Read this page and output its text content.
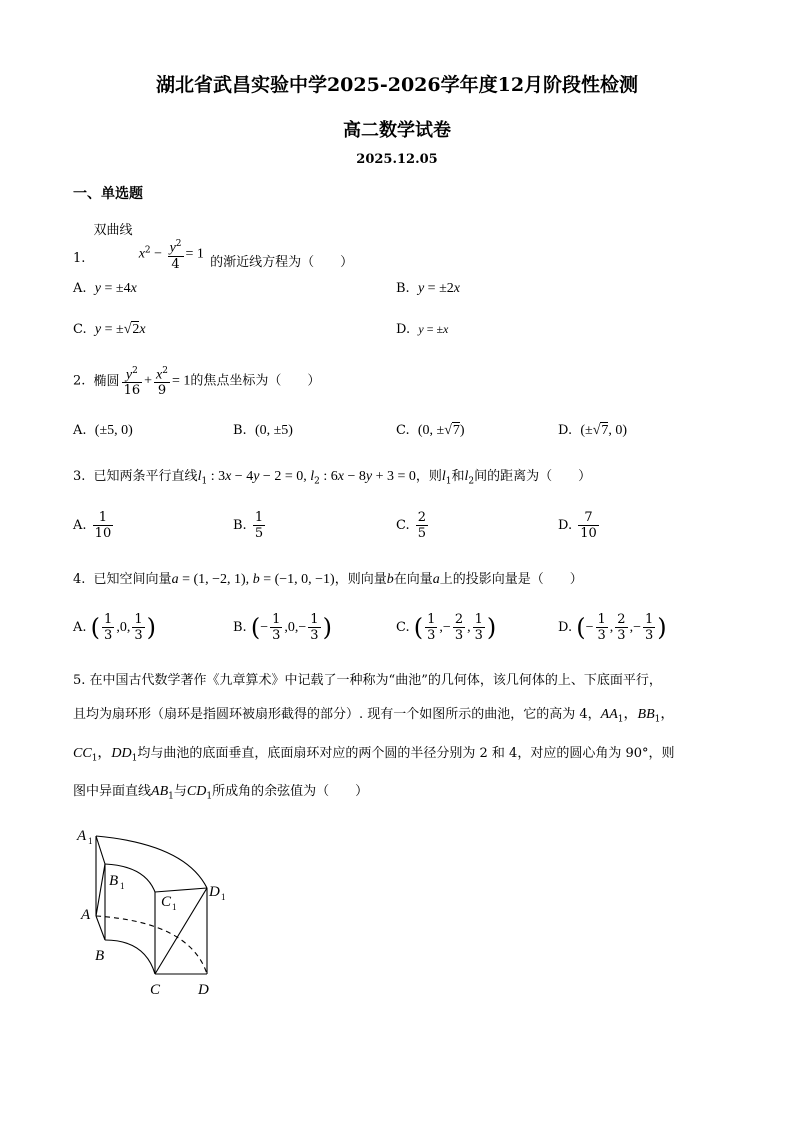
湖北省武昌实验中学2025-2026学年度12月阶段性检测
高二数学试卷
2025.12.05
一、单选题
1. 双曲线 $x^2 - \frac{y^2}{4} = 1$ 的渐近线方程为（　　）
A. y = ±4x	B. y = ±2x
C. y = ±√2x	D. y = ±x
2. 椭圆 $\frac{y^2}{16} + \frac{x^2}{9} = 1$的焦点坐标为（　　）
A. (±5, 0)	B. (0, ±5)	C. (0, ±√7)	D. (±√7, 0)
3. 已知两条平行直线$l_1$ : 3x − 4y − 2 = 0, $l_2$ : 6x − 8y + 3 = 0，则$l_1$和$l_2$间的距离为（　　）
A. $\frac{1}{10}$	B. $\frac{1}{5}$	C. $\frac{2}{5}$	D. $\frac{7}{10}$
4. 已知空间向量a = (1, −2, 1), b = (−1, 0, −1)，则向量b在向量a上的投影向量是（　　）
A. ( $\frac{1}{3} ,0$, $\frac{1}{3}$ )	B. (− $\frac{1}{3} ,0,- \frac{1}{3}$ )	C. ( $\frac{1}{3}$ ,− $\frac{2}{3}$ , $\frac{1}{3}$ )	D. (− $\frac{1}{3}$ , $\frac{2}{3}$ ,− $\frac{1}{3}$ )
5. 在中国古代数学著作《九章算术》中记载了一种称为“曲池”的几何体，该几何体的上、下底面平行，
且均为扇环形（扇环是指圆环被扇形截得的部分）. 现有一个如图所示的曲池，它的高为 4，$AA_1$，$BB_1$，
$CC_1$，$DD_1$均与曲池的底面垂直，底面扇环对应的两个圆的半径分别为 2 和 4，对应的圆心角为 90°，则
图中异面直线$AB_1$与$CD_1$所成角的余弦值为（　　）
A 1
B 1
A
C 1
D 1
B
C	D
